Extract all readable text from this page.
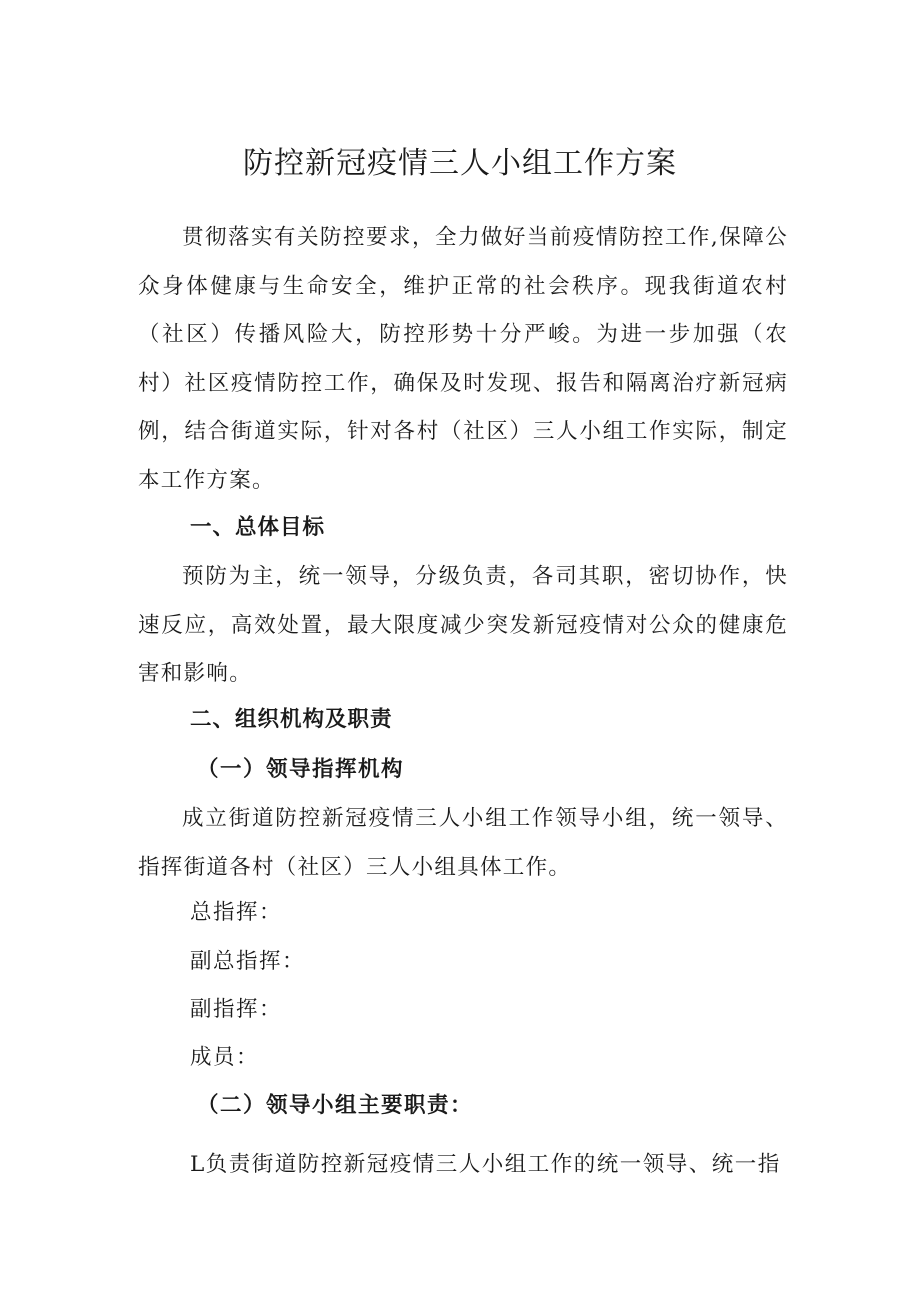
防控新冠疫情三人小组工作方案

贯彻落实有关防控要求，全力做好当前疫情防控工作,保障公众身体健康与生命安全，维护正常的社会秩序。现我街道农村（社区）传播风险大，防控形势十分严峻。为进一步加强（农村）社区疫情防控工作，确保及时发现、报告和隔离治疗新冠病例，结合街道实际，针对各村（社区）三人小组工作实际，制定本工作方案。

一、总体目标

预防为主，统一领导，分级负责，各司其职，密切协作，快速反应，高效处置，最大限度减少突发新冠疫情对公众的健康危害和影响。

二、组织机构及职责
（一）领导指挥机构

成立街道防控新冠疫情三人小组工作领导小组，统一领导、指挥街道各村（社区）三人小组具体工作。

总指挥：

副总指挥：

副指挥：

成员：

（二）领导小组主要职责：

L负责街道防控新冠疫情三人小组工作的统一领导、统一指
